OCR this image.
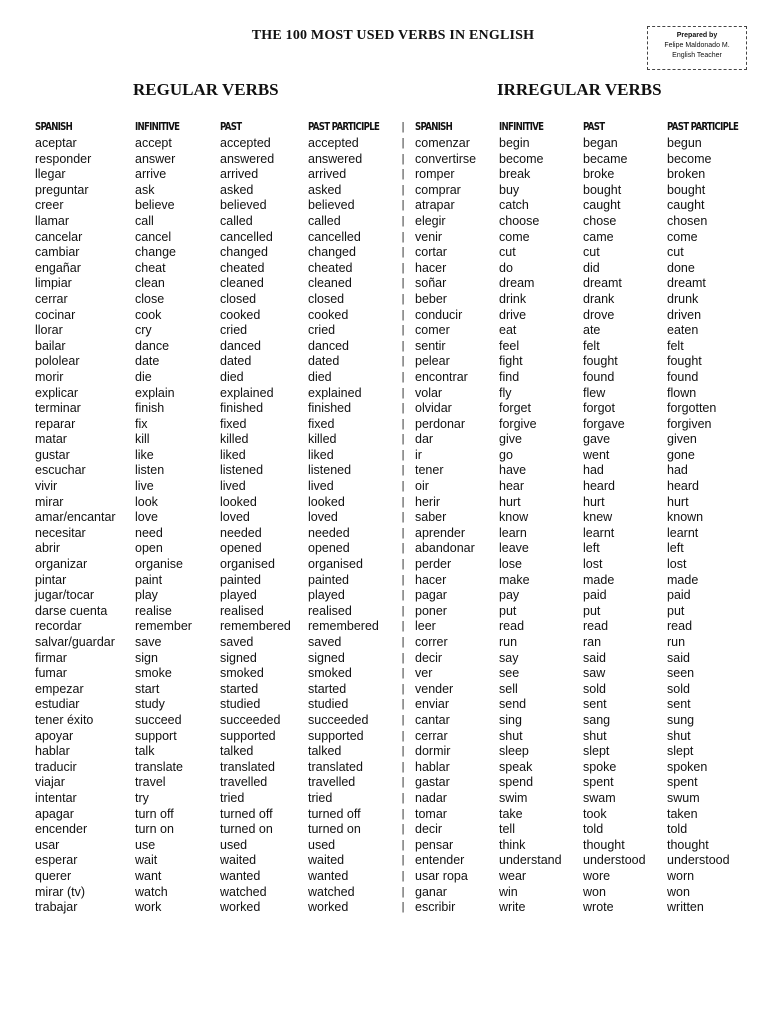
THE 100 MOST USED VERBS IN ENGLISH	Prepared by
Felipe Maldonado M.
English Teacher
REGULAR VERBS	IRREGULAR VERBS
SPANISH
aceptar
responder
llegar
preguntar
creer
llamar
cancelar
cambiar
engañar
limpiar
cerrar
cocinar
llorar
bailar
pololear
morir
explicar
terminar
reparar
matar
gustar
escuchar
vivir
mirar
amar/encantar
necesitar
abrir
organizar
pintar
jugar/tocar
darse cuenta
recordar
salvar/guardar
firmar
fumar
empezar
estudiar
tener éxito
apoyar
hablar
traducir
viajar
intentar
apagar
encender
usar
esperar
querer
mirar (tv)
trabajar
INFINITIVE
accept
answer
arrive
ask
believe
call
cancel
change
cheat
clean
close
cook
cry
dance
date
die
explain
finish
fix
kill
like
listen
live
look
love
need
open
organise
paint
play
realise
remember
save
sign
smoke
start
study
succeed
support
talk
translate
travel
try
turn off
turn on
use
wait
want
watch
work
PAST
accepted
answered
arrived
asked
believed
called
cancelled
changed
cheated
cleaned
closed
cooked
cried
danced
dated
died
explained
finished
fixed
killed
liked
listened
lived
looked
loved
needed
opened
organised
painted
played
realised
remembered
saved
signed
smoked
started
studied
succeeded
supported
talked
translated
travelled
tried
turned off
turned on
used
waited
wanted
watched
worked
PAST PARTICIPLE
accepted
answered
arrived
asked
believed
called
cancelled
changed
cheated
cleaned
closed
cooked
cried
danced
dated
died
explained
finished
fixed
killed
liked
listened
lived
looked
loved
needed
opened
organised
painted
played
realised
remembered
saved
signed
smoked
started
studied
succeeded
supported
talked
translated
travelled
tried
turned off
turned on
used
waited
wanted
watched
worked
|
|
|
|
|
|
|
|
|
|
|
|
|
|
|
|
|
|
|
|
|
|
|
|
|
|
|
|
|
|
|
|
|
|
|
|
|
|
|
|
|
|
|
|
|
|
|
|
|
|
|
SPANISH
comenzar
convertirse
romper
comprar
atrapar
elegir
venir
cortar
hacer
soñar
beber
conducir
comer
sentir
pelear
encontrar
volar
olvidar
perdonar
dar
ir
tener
oir
herir
saber
aprender
abandonar
perder
hacer
pagar
poner
leer
correr
decir
ver
vender
enviar
cantar
cerrar
dormir
hablar
gastar
nadar
tomar
decir
pensar
entender
usar ropa
ganar
escribir
INFINITIVE
begin
become
break
buy
catch
choose
come
cut
do
dream
drink
drive
eat
feel
fight
find
fly
forget
forgive
give
go
have
hear
hurt
know
learn
leave
lose
make
pay
put
read
run
say
see
sell
send
sing
shut
sleep
speak
spend
swim
take
tell
think
understand
wear
win
write
PAST
began
became
broke
bought
caught
chose
came
cut
did
dreamt
drank
drove
ate
felt
fought
found
flew
forgot
forgave
gave
went
had
heard
hurt
knew
learnt
left
lost
made
paid
put
read
ran
said
saw
sold
sent
sang
shut
slept
spoke
spent
swam
took
told
thought
understood
wore
won
wrote
PAST PARTICIPLE
begun
become
broken
bought
caught
chosen
come
cut
done
dreamt
drunk
driven
eaten
felt
fought
found
flown
forgotten
forgiven
given
gone
had
heard
hurt
known
learnt
left
lost
made
paid
put
read
run
said
seen
sold
sent
sung
shut
slept
spoken
spent
swum
taken
told
thought
understood
worn
won
written
